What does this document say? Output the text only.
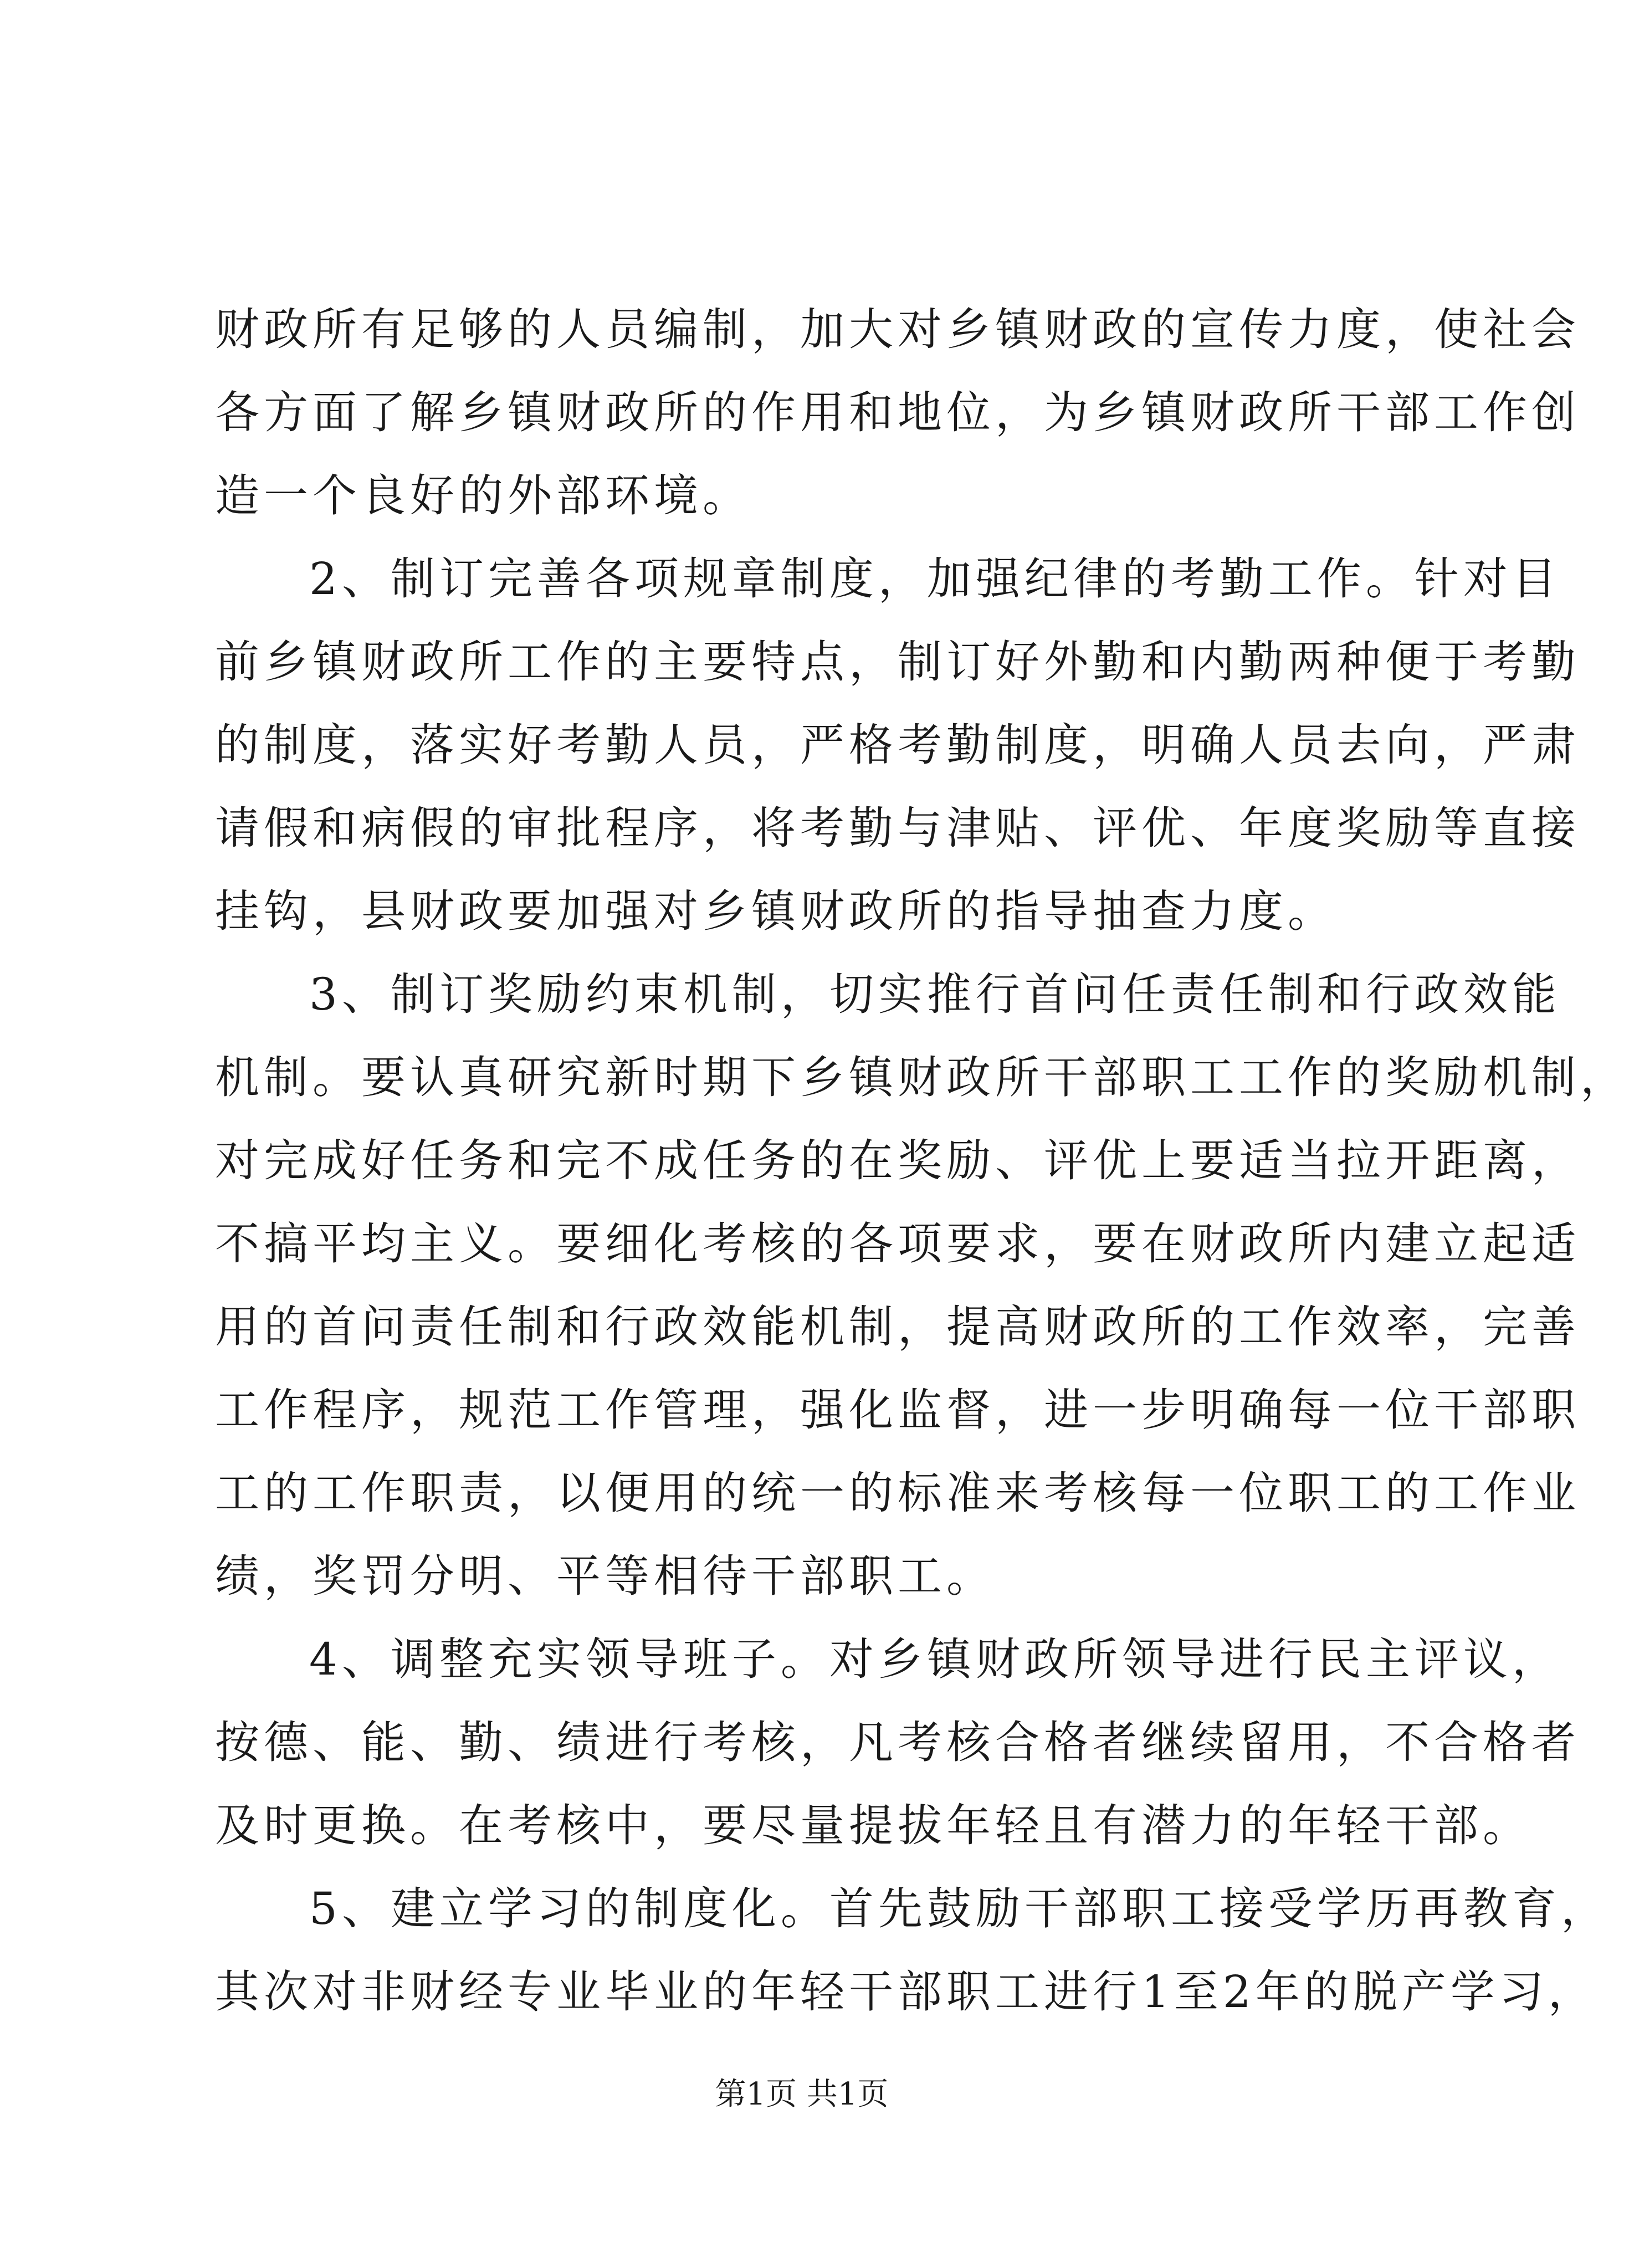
财政所有足够的人员编制，加大对乡镇财政的宣传力度，使社会
各方面了解乡镇财政所的作用和地位，为乡镇财政所干部工作创
造一个良好的外部环境。
2、制订完善各项规章制度，加强纪律的考勤工作。针对目
前乡镇财政所工作的主要特点，制订好外勤和内勤两种便于考勤
的制度，落实好考勤人员，严格考勤制度，明确人员去向，严肃
请假和病假的审批程序，将考勤与津贴、评优、年度奖励等直接
挂钩，县财政要加强对乡镇财政所的指导抽查力度。
3、制订奖励约束机制，切实推行首问任责任制和行政效能
机制。要认真研究新时期下乡镇财政所干部职工工作的奖励机制，
对完成好任务和完不成任务的在奖励、评优上要适当拉开距离，
不搞平均主义。要细化考核的各项要求，要在财政所内建立起适
用的首问责任制和行政效能机制，提高财政所的工作效率，完善
工作程序，规范工作管理，强化监督，进一步明确每一位干部职
工的工作职责，以便用的统一的标准来考核每一位职工的工作业
绩，奖罚分明、平等相待干部职工。
4、调整充实领导班子。对乡镇财政所领导进行民主评议，
按德、能、勤、绩进行考核，凡考核合格者继续留用，不合格者
及时更换。在考核中，要尽量提拔年轻且有潜力的年轻干部。
5、建立学习的制度化。首先鼓励干部职工接受学历再教育，
其次对非财经专业毕业的年轻干部职工进行1至2年的脱产学习，
第1页 共1页
